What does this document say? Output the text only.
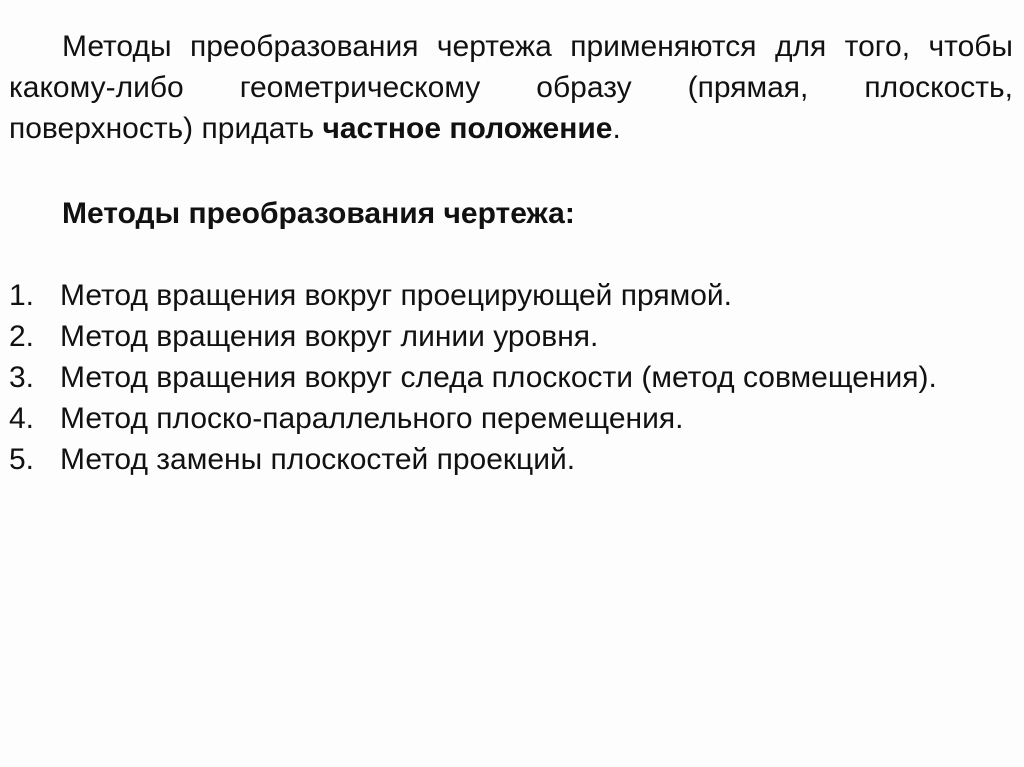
Методы преобразования чертежа применяются для того, чтобы какому-либо геометрическому образу (прямая, плоскость, поверхность) придать частное положение.

Методы преобразования чертежа:

1. Метод вращения вокруг проецирующей прямой.
2. Метод вращения вокруг линии уровня.
3. Метод вращения вокруг следа плоскости (метод совмещения).
4. Метод плоско-параллельного перемещения.
5. Метод замены плоскостей проекций.
